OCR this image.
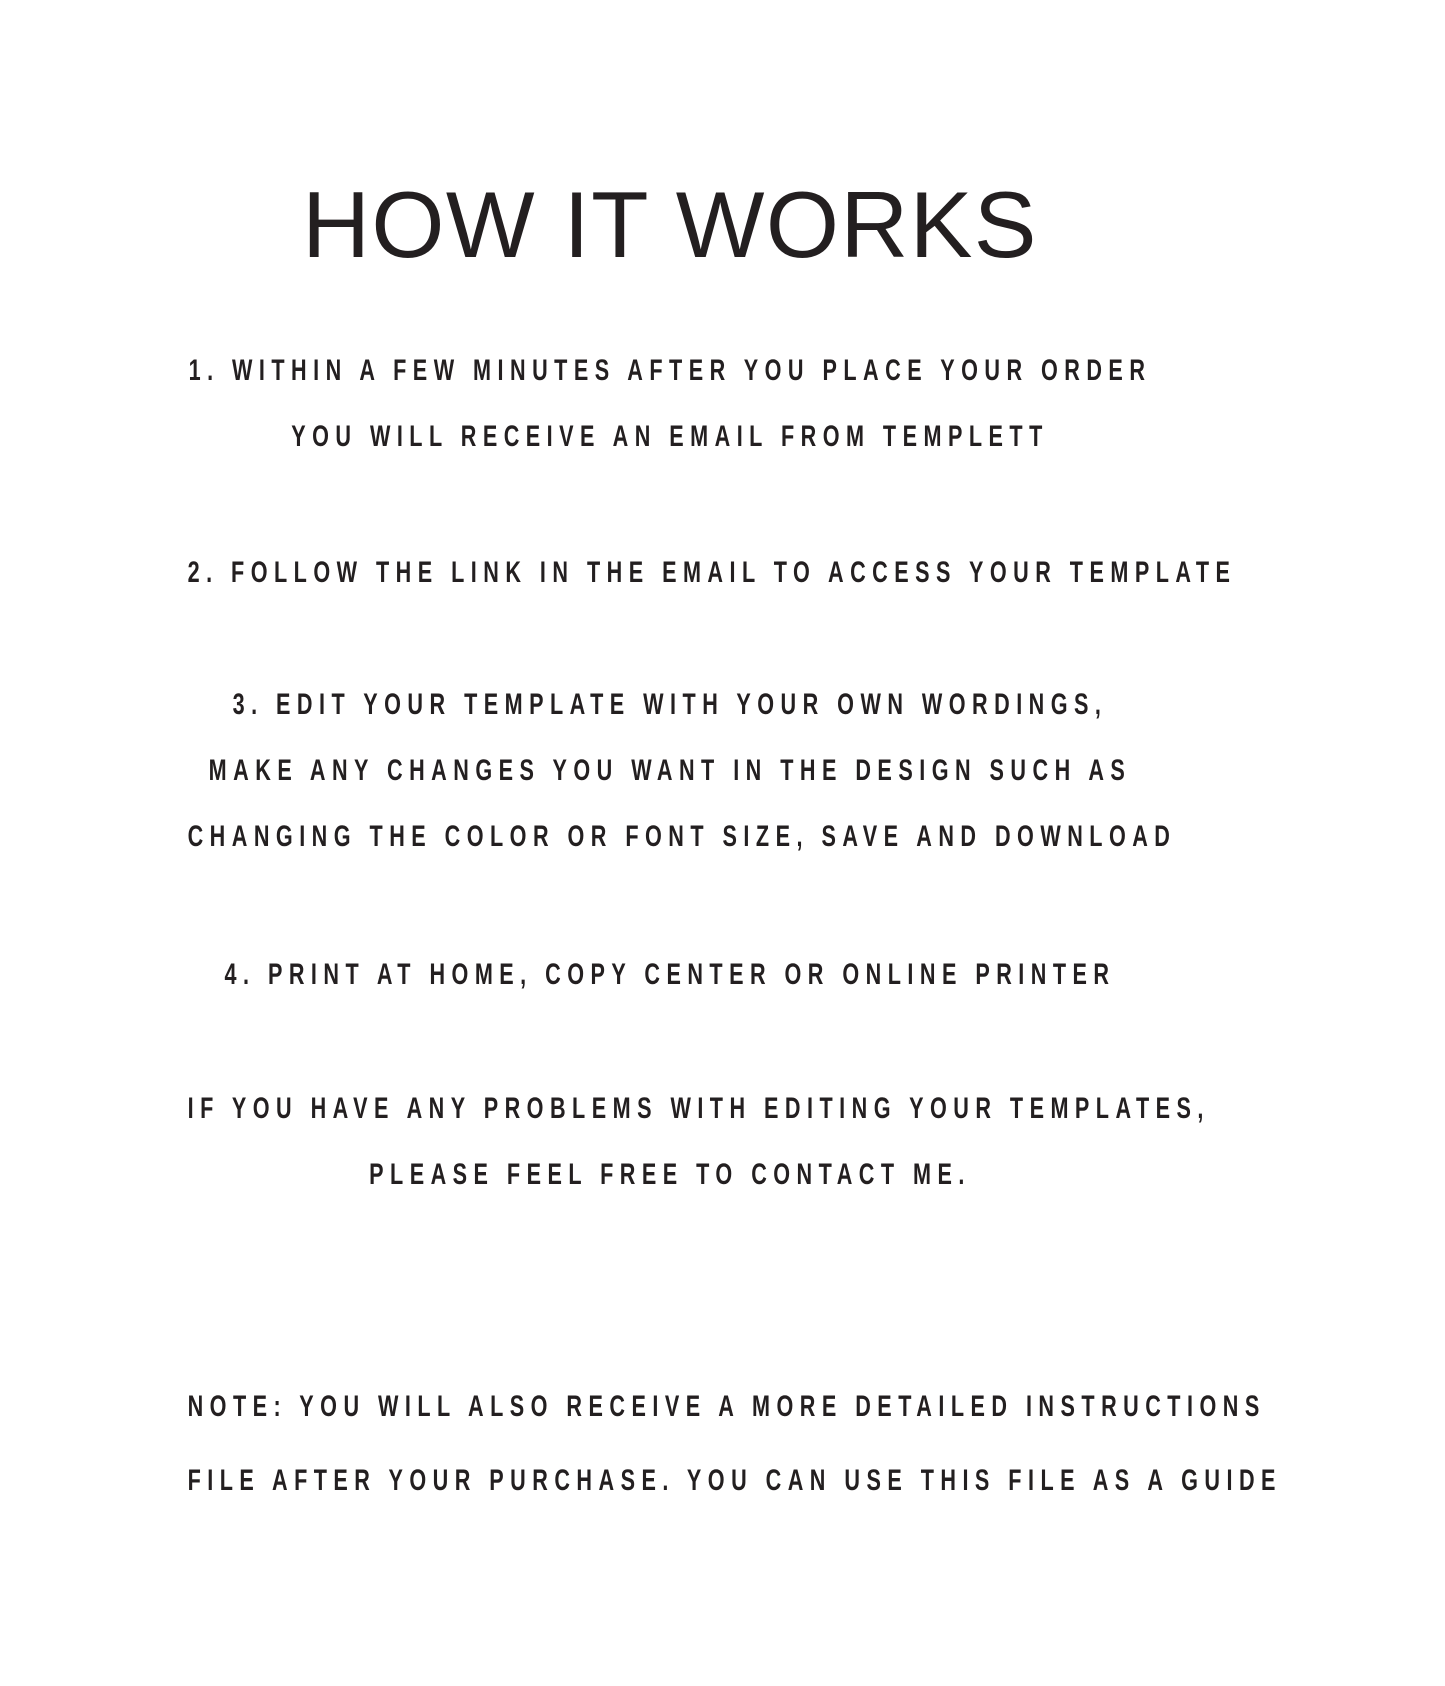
HOW IT WORKS
1. WITHIN A FEW MINUTES AFTER YOU PLACE YOUR ORDER
YOU WILL RECEIVE AN EMAIL FROM TEMPLETT
2. FOLLOW THE LINK IN THE EMAIL TO ACCESS YOUR TEMPLATE
3. EDIT YOUR TEMPLATE WITH YOUR OWN WORDINGS,
MAKE ANY CHANGES YOU WANT IN THE DESIGN SUCH AS
CHANGING THE COLOR OR FONT SIZE, SAVE AND DOWNLOAD
4. PRINT AT HOME, COPY CENTER OR ONLINE PRINTER
IF YOU HAVE ANY PROBLEMS WITH EDITING YOUR TEMPLATES,
PLEASE FEEL FREE TO CONTACT ME.
NOTE: YOU WILL ALSO RECEIVE A MORE DETAILED INSTRUCTIONS
FILE AFTER YOUR PURCHASE. YOU CAN USE THIS FILE AS A GUIDE
